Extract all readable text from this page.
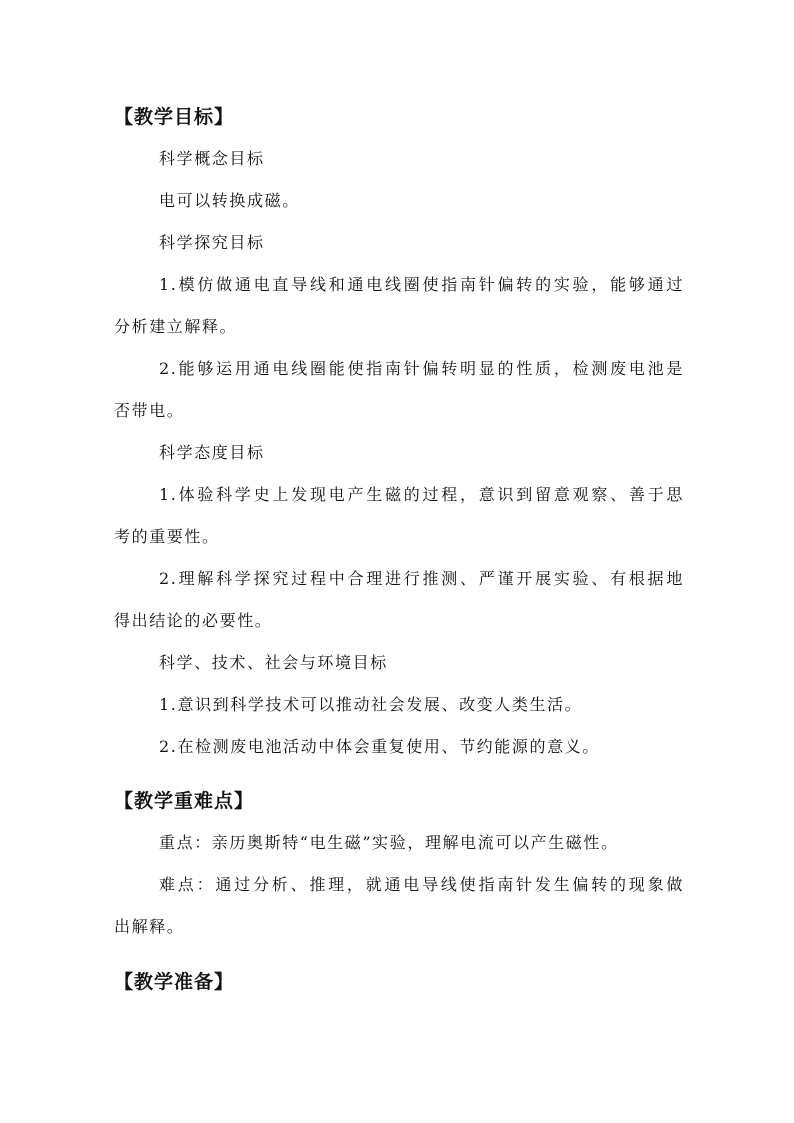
【教学目标】
科学概念目标
电可以转换成磁。
科学探究目标
1.模仿做通电直导线和通电线圈使指南针偏转的实验，能够通过
分析建立解释。
2.能够运用通电线圈能使指南针偏转明显的性质，检测废电池是
否带电。
科学态度目标
1.体验科学史上发现电产生磁的过程，意识到留意观察、善于思
考的重要性。
2.理解科学探究过程中合理进行推测、严谨开展实验、有根据地
得出结论的必要性。
科学、技术、社会与环境目标
1.意识到科学技术可以推动社会发展、改变人类生活。
2.在检测废电池活动中体会重复使用、节约能源的意义。
【教学重难点】
重点：亲历奥斯特“电生磁”实验，理解电流可以产生磁性。
难点：通过分析、推理，就通电导线使指南针发生偏转的现象做
出解释。
【教学准备】
